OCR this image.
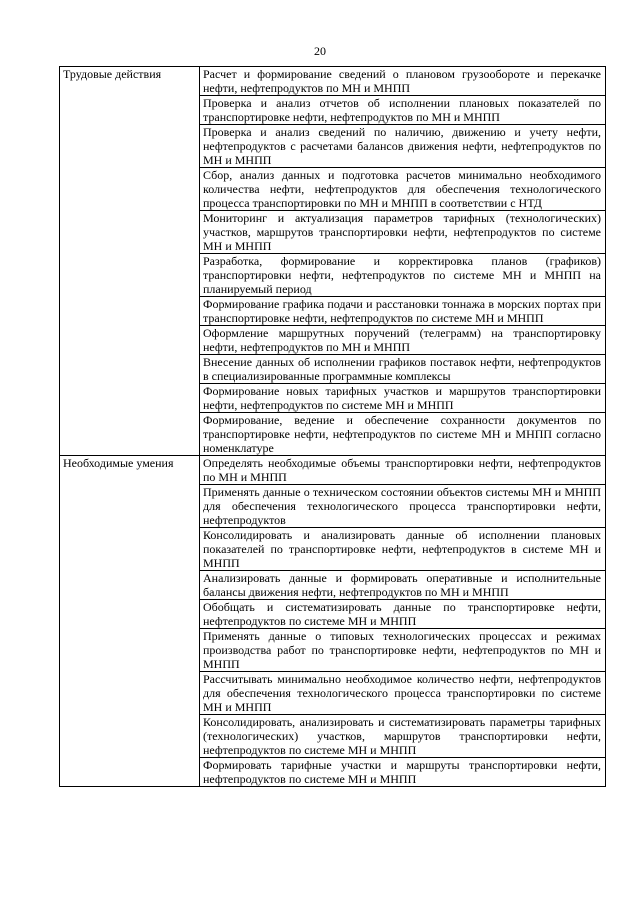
20
Трудовые действия	Расчет и формирование сведений о плановом грузообороте и перекачке нефти, нефтепродуктов по МН и МНПП
	Проверка и анализ отчетов об исполнении плановых показателей по транспортировке нефти, нефтепродуктов по МН и МНПП
	Проверка и анализ сведений по наличию, движению и учету нефти, нефтепродуктов с расчетами балансов движения нефти, нефтепродуктов по МН и МНПП
	Сбор, анализ данных и подготовка расчетов минимально необходимого количества нефти, нефтепродуктов для обеспечения технологического процесса транспортировки по МН и МНПП в соответствии с НТД
	Мониторинг и актуализация параметров тарифных (технологических) участков, маршрутов транспортировки нефти, нефтепродуктов по системе МН и МНПП
	Разработка, формирование и корректировка планов (графиков) транспортировки нефти, нефтепродуктов по системе МН и МНПП на планируемый период
	Формирование графика подачи и расстановки тоннажа в морских портах при транспортировке нефти, нефтепродуктов по системе МН и МНПП
	Оформление маршрутных поручений (телеграмм) на транспортировку нефти, нефтепродуктов по МН и МНПП
	Внесение данных об исполнении графиков поставок нефти, нефтепродуктов в специализированные программные комплексы
	Формирование новых тарифных участков и маршрутов транспортировки нефти, нефтепродуктов по системе МН и МНПП
	Формирование, ведение и обеспечение сохранности документов по транспортировке нефти, нефтепродуктов по системе МН и МНПП согласно номенклатуре
Необходимые умения	Определять необходимые объемы транспортировки нефти, нефтепродуктов по МН и МНПП
	Применять данные о техническом состоянии объектов системы МН и МНПП для обеспечения технологического процесса транспортировки нефти, нефтепродуктов
	Консолидировать и анализировать данные об исполнении плановых показателей по транспортировке нефти, нефтепродуктов в системе МН и МНПП
	Анализировать данные и формировать оперативные и исполнительные балансы движения нефти, нефтепродуктов по МН и МНПП
	Обобщать и систематизировать данные по транспортировке нефти, нефтепродуктов по системе МН и МНПП
	Применять данные о типовых технологических процессах и режимах производства работ по транспортировке нефти, нефтепродуктов по МН и МНПП
	Рассчитывать минимально необходимое количество нефти, нефтепродуктов для обеспечения технологического процесса транспортировки по системе МН и МНПП
	Консолидировать, анализировать и систематизировать параметры тарифных (технологических) участков, маршрутов транспортировки нефти, нефтепродуктов по системе МН и МНПП
	Формировать тарифные участки и маршруты транспортировки нефти, нефтепродуктов по системе МН и МНПП
